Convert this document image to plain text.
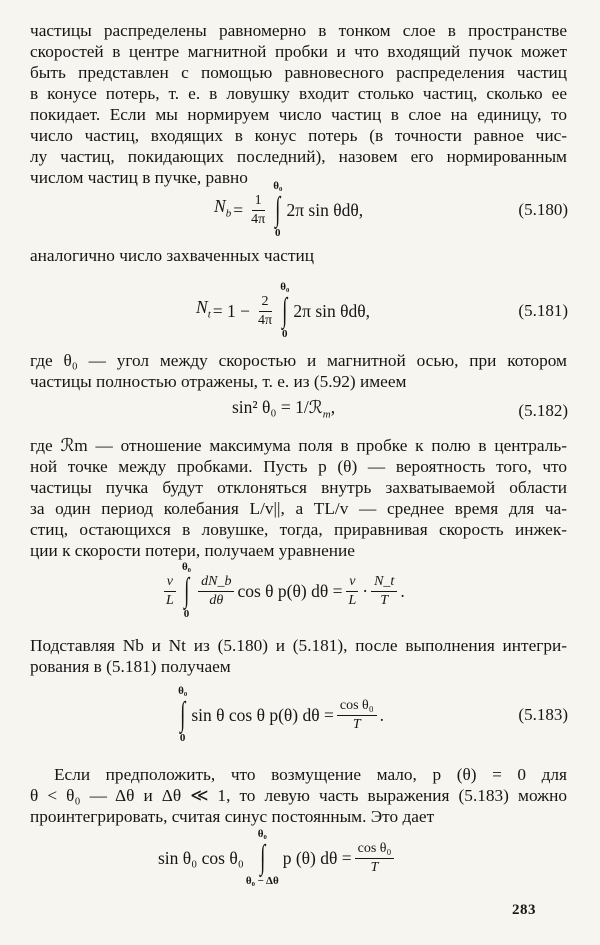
частицы распределены равномерно в тонком слое в пространстве
скоростей в центре магнитной пробки и что входящий пучок может
быть представлен с помощью равновесного распределения частиц
в конусе потерь, т. е. в ловушку входит столько частиц, сколько ее
покидает. Если мы нормируем число частиц в слое на единицу, то
число частиц, входящих в конус потерь (в точности равное чис-
лу частиц, покидающих последний), назовем его нормированным
числом частиц в пучке, равно
$N_b = \frac{1}{4\pi}$
θ₀
∫
0
2π sin θdθ,	(5.180)
аналогично число захваченных частиц
$N_t = 1 - \frac{2}{4\pi}$
θ₀
∫
0
2π sin θdθ,	(5.181)
где θ₀ — угол между скоростью и магнитной осью, при котором
частицы полностью отражены, т. е. из (5.92) имеем
sin² θ₀ = 1/ℛ$_m$,	(5.182)
где ℛm — отношение максимума поля в пробке к полю в централь-
ной точке между пробками. Пусть p (θ) — вероятность того, что
частицы пучка будут отклоняться внутрь захватываемой области
за один период колебания L/v||, а TL/v — среднее время для ча-
стиц, остающихся в ловушке, тогда, приравнивая скорость инжек-
ции к скорости потери, получаем уравнение
$\frac{v}{L}$
θ₀
∫
0
$\frac{dN\_b}{d\theta}$ cos θ p(θ) $d\theta = \frac{v}{L} \cdot \frac{N\_t}{T}$ .
Подставляя Nb и Nt из (5.180) и (5.181), после выполнения интегри-
рования в (5.181) получаем
θ₀
∫
0
sin θ cos θ p(θ) $d\theta = \frac{\text{cos θ₀}}{T}$ .	(5.183)
Если предположить, что возмущение мало, p (θ) = 0 для
θ < θ₀ — Δθ и Δθ ≪ 1, то левую часть выражения (5.183) можно
проинтегрировать, считая синус постоянным. Это дает
sin θ₀ cos θ₀
θ₀
∫
θ₀ − Δθ
p (θ) $d\theta = \frac{\text{cos θ₀}}{T}$
283
